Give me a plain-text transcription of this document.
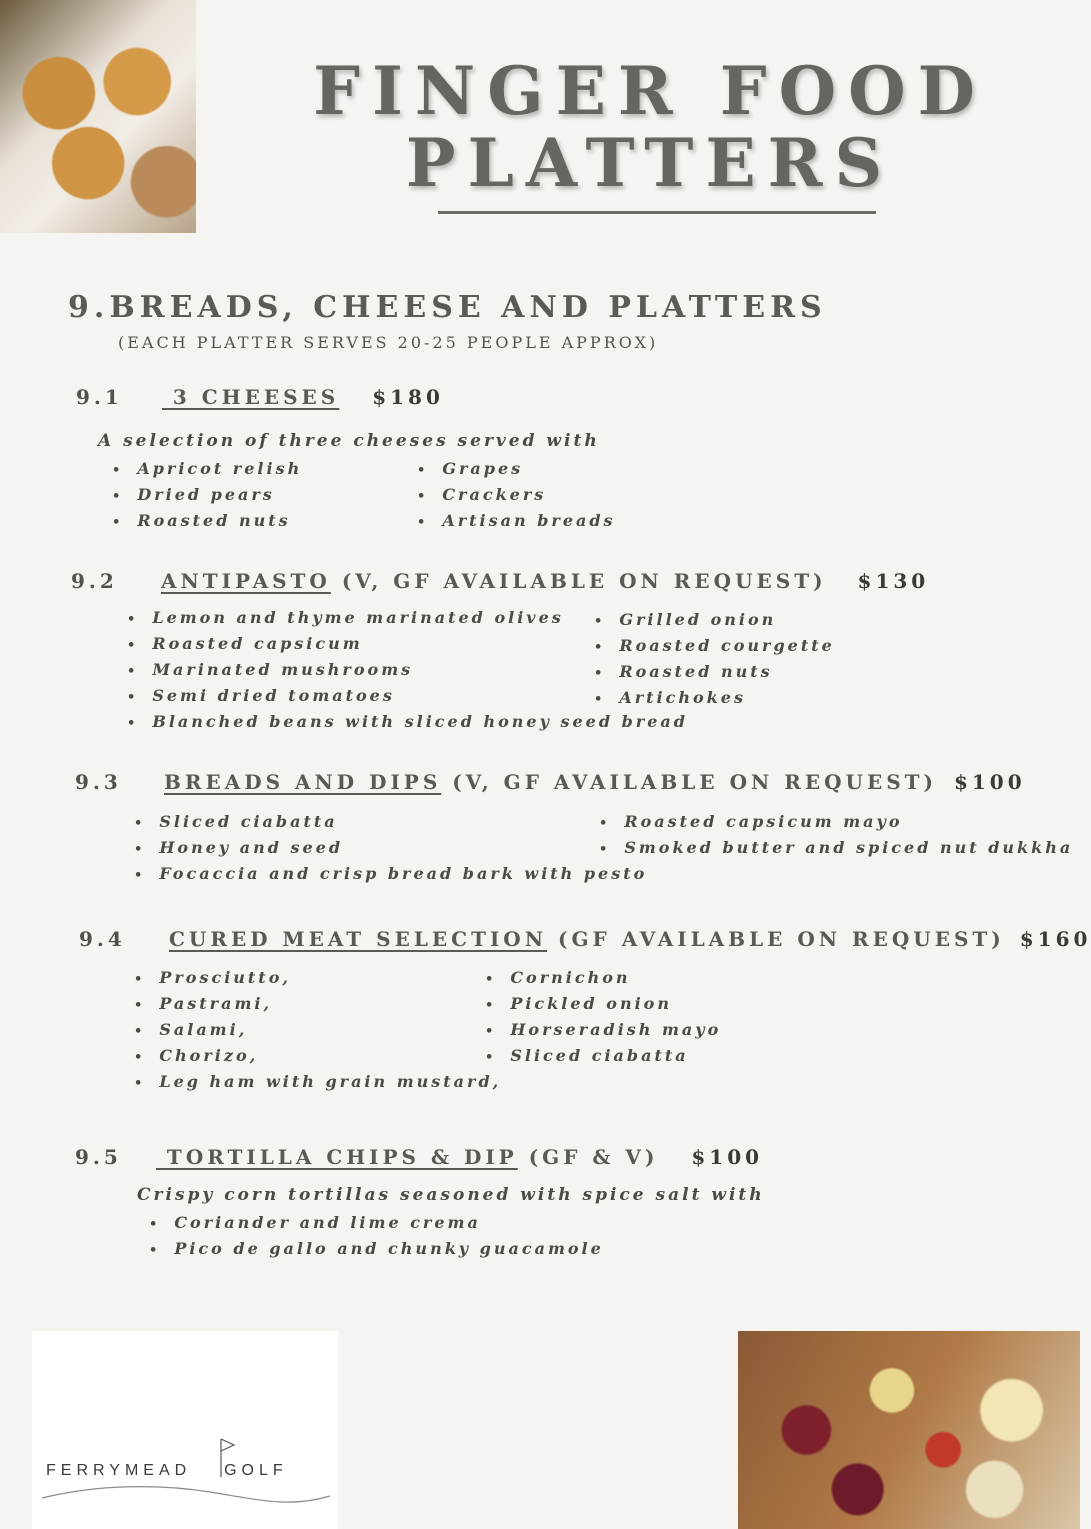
FINGER FOOD
PLATTERS
9.BREADS, CHEESE AND PLATTERS
(EACH PLATTER SERVES 20-25 PEOPLE APPROX)
9.1  3 CHEESES $180
A selection of three cheeses served with
• Apricot relish
• Dried pears
• Roasted nuts
• Grapes
• Crackers
• Artisan breads
9.2 ANTIPASTO (V, GF AVAILABLE ON REQUEST) $130
• Lemon and thyme marinated olives
• Roasted capsicum
• Marinated mushrooms
• Semi dried tomatoes
• Blanched beans with sliced honey seed bread
• Grilled onion
• Roasted courgette
• Roasted nuts
• Artichokes
9.3 BREADS AND DIPS (V, GF AVAILABLE ON REQUEST) $100
• Sliced ciabatta
• Honey and seed
• Focaccia and crisp bread bark with pesto
• Roasted capsicum mayo
• Smoked butter and spiced nut dukkha
9.4 CURED MEAT SELECTION (GF AVAILABLE ON REQUEST) $160
• Prosciutto,
• Pastrami,
• Salami,
• Chorizo,
• Leg ham with grain mustard,
• Cornichon
• Pickled onion
• Horseradish mayo
• Sliced ciabatta
9.5  TORTILLA CHIPS & DIP (GF & V) $100
Crispy corn tortillas seasoned with spice salt with
• Coriander and lime crema
• Pico de gallo and chunky guacamole
FERRYMEAD GOLF
